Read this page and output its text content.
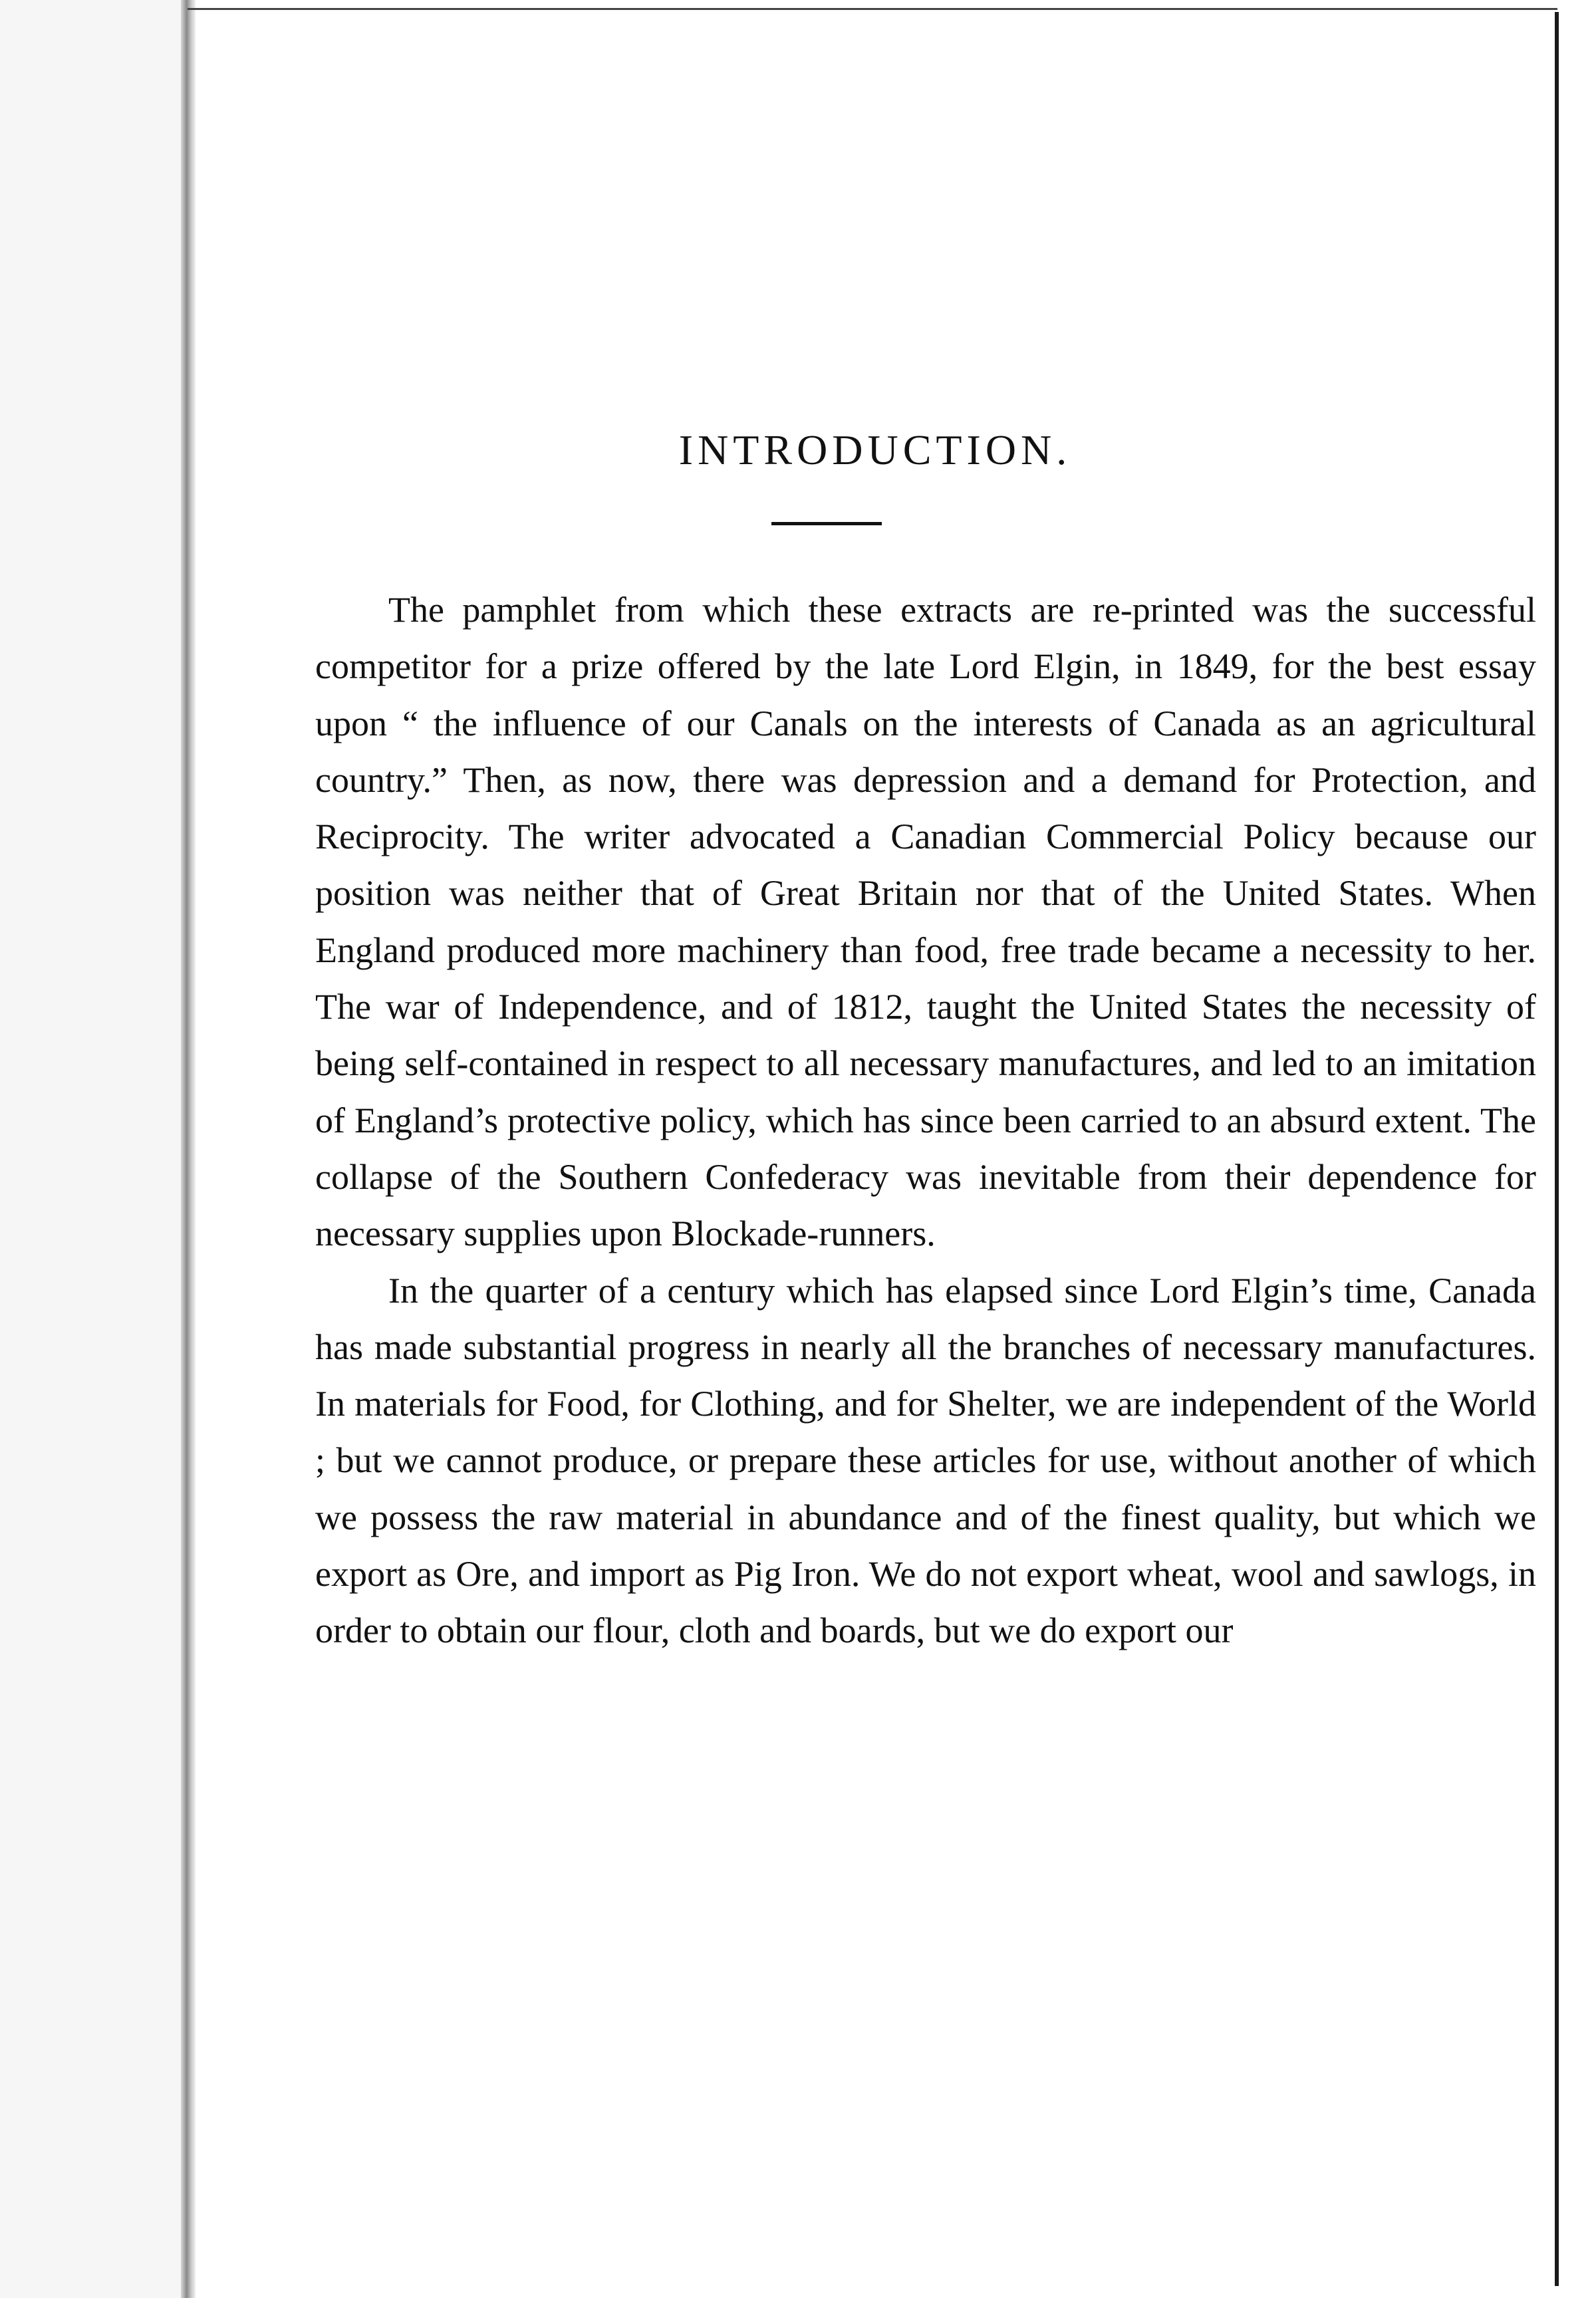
INTRODUCTION.

The pamphlet from which these extracts are re-printed was the successful competitor for a prize offered by the late Lord Elgin, in 1849, for the best essay upon “ the influence of our Canals on the interests of Canada as an agricultural country.” Then, as now, there was depression and a demand for Protection, and Reciprocity. The writer advocated a Canadian Commercial Policy because our position was neither that of Great Britain nor that of the United States. When England produced more machinery than food, free trade became a necessity to her. The war of Independence, and of 1812, taught the United States the necessity of being self-contained in respect to all necessary manufactures, and led to an imitation of England’s protective policy, which has since been carried to an absurd extent. The collapse of the Southern Confederacy was inevitable from their dependence for necessary supplies upon Blockade-runners.

In the quarter of a century which has elapsed since Lord Elgin’s time, Canada has made substantial progress in nearly all the branches of necessary manufactures. In materials for Food, for Clothing, and for Shelter, we are independent of the World ; but we cannot produce, or prepare these articles for use, without another of which we possess the raw material in abundance and of the finest quality, but which we export as Ore, and import as Pig Iron. We do not export wheat, wool and sawlogs, in order to obtain our flour, cloth and boards, but we do export our
